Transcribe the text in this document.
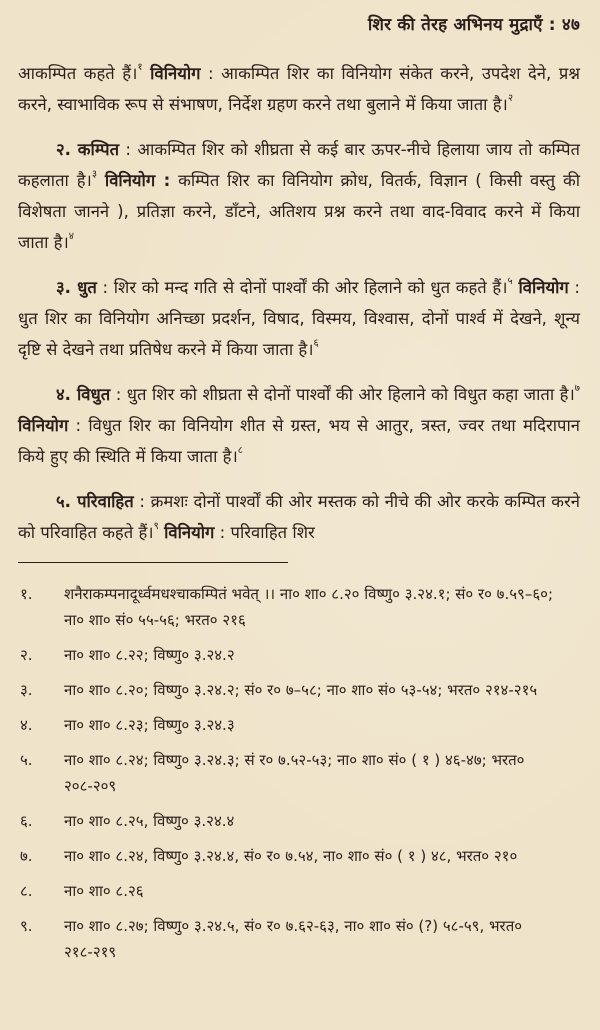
शिर की तेरह अभिनय मुद्राएँ : ४७

आकम्पित कहते हैं।$^१$ विनियोग : आकम्पित शिर का विनियोग संकेत करने, उपदेश देने, प्रश्न करने, स्वाभाविक रूप से संभाषण, निर्देश ग्रहण करने तथा बुलाने में किया जाता है।$^२$

२. कम्पित : आकम्पित शिर को शीघ्रता से कई बार ऊपर-नीचे हिलाया जाय तो कम्पित कहलाता है।$^३$ विनियोग : कम्पित शिर का विनियोग क्रोध, वितर्क, विज्ञान ( किसी वस्तु की विशेषता जानने ), प्रतिज्ञा करने, डाँटने, अतिशय प्रश्न करने तथा वाद-विवाद करने में किया जाता है।$^४$

३. धुत : शिर को मन्द गति से दोनों पार्श्वों की ओर हिलाने को धुत कहते हैं।$^५$ विनियोग : धुत शिर का विनियोग अनिच्छा प्रदर्शन, विषाद, विस्मय, विश्वास, दोनों पार्श्व में देखने, शून्य दृष्टि से देखने तथा प्रतिषेध करने में किया जाता है।$^६$

४. विधुत : धुत शिर को शीघ्रता से दोनों पार्श्वों की ओर हिलाने को विधुत कहा जाता है।$^७$ विनियोग : विधुत शिर का विनियोग शीत से ग्रस्त, भय से आतुर, त्रस्त, ज्वर तथा मदिरापान किये हुए की स्थिति में किया जाता है।$^८$

५. परिवाहित : क्रमशः दोनों पार्श्वों की ओर मस्तक को नीचे की ओर करके कम्पित करने को परिवाहित कहते हैं।$^९$ विनियोग : परिवाहित शिर

१.	शनैराकम्पनादूर्ध्वमधश्चाकम्पितं भवेत् ।। ना० शा० ८.२० विष्णु० ३.२४.१; सं० र० ७.५९–६०; ना० शा० सं० ५५-५६; भरत० २१६
२.	ना० शा० ८.२२; विष्णु० ३.२४.२
३.	ना० शा० ८.२०; विष्णु० ३.२४.२; सं० र० ७–५८; ना० शा० सं० ५३-५४; भरत० २१४-२१५
४.	ना० शा० ८.२३; विष्णु० ३.२४.३
५.	ना० शा० ८.२४; विष्णु० ३.२४.३; सं र० ७.५२-५३; ना० शा० सं० ( १ ) ४६-४७; भरत० २०८-२०९
६.	ना० शा० ८.२५, विष्णु० ३.२४.४
७.	ना० शा० ८.२४, विष्णु० ३.२४.४, सं० र० ७.५४, ना० शा० सं० ( १ ) ४८, भरत० २१०
८.	ना० शा० ८.२६
९.	ना० शा० ८.२७; विष्णु० ३.२४.५, सं० र० ७.६२-६३, ना० शा० सं० (?) ५८-५९, भरत० २१८-२१९
